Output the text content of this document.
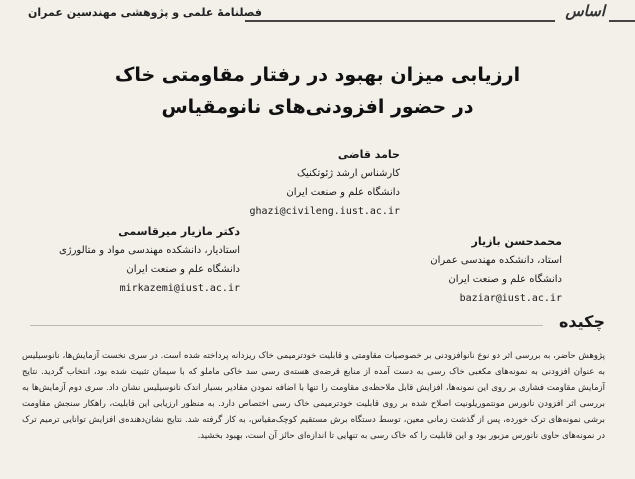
اساس
فصلنامهٔ علمی و پژوهشی مهندسین عمران
ارزیابی میزان بهبود در رفتار مقاومتی خاک
در حضور افزودنی‌های نانومقیاس
حامد قاضی
کارشناس ارشد ژئوتکنیک
دانشگاه علم و صنعت ایران
ghazi@civileng.iust.ac.ir
دکتر مازیار میرقاسمی
استادیار، دانشکده مهندسی مواد و متالورژی
دانشگاه علم و صنعت ایران
mirkazemi@iust.ac.ir
محمدحسن بازیار
استاد، دانشکده مهندسی عمران
دانشگاه علم و صنعت ایران
baziar@iust.ac.ir
چکیده
پژوهش حاضر، به بررسی اثر دو نوع نانوافزودنی بر خصوصیات مقاومتی و قابلیت خودترمیمی خاک ریزدانه پرداخته شده است. در سری نخست آزمایش‌ها، نانوسیلیس به عنوان افزودنی به نمونه‌های مکعبی خاک رسی به دست آمده از منابع قرضه‌ی هسته‌ی رسی سد خاکی ماملو که با سیمان تثبیت شده بود، انتخاب گردید. نتایج آزمایش مقاومت فشاری بر روی این نمونه‌ها، افزایش قابل ملاحظه‌ی مقاومت را تنها با اضافه نمودن مقادیر بسیار اندک نانوسیلیس نشان داد. سری دوم آزمایش‌ها به بررسی اثر افزودن نانورس مونتموریلونیت اصلاح شده بر روی قابلیت خودترمیمی خاک رسی اختصاص دارد. به منظور ارزیابی این قابلیت، راهکار سنجش مقاومت برشی نمونه‌های ترک خورده، پس از گذشت زمانی معین، توسط دستگاه برش مستقیم کوچک‌مقیاس، به کار گرفته شد. نتایج نشان‌دهنده‌ی افزایش توانایی ترمیم ترک در نمونه‌های حاوی نانورس مزبور بود و این قابلیت را که خاک رسی به تنهایی تا اندازه‌ای حائز آن است، بهبود بخشید.
